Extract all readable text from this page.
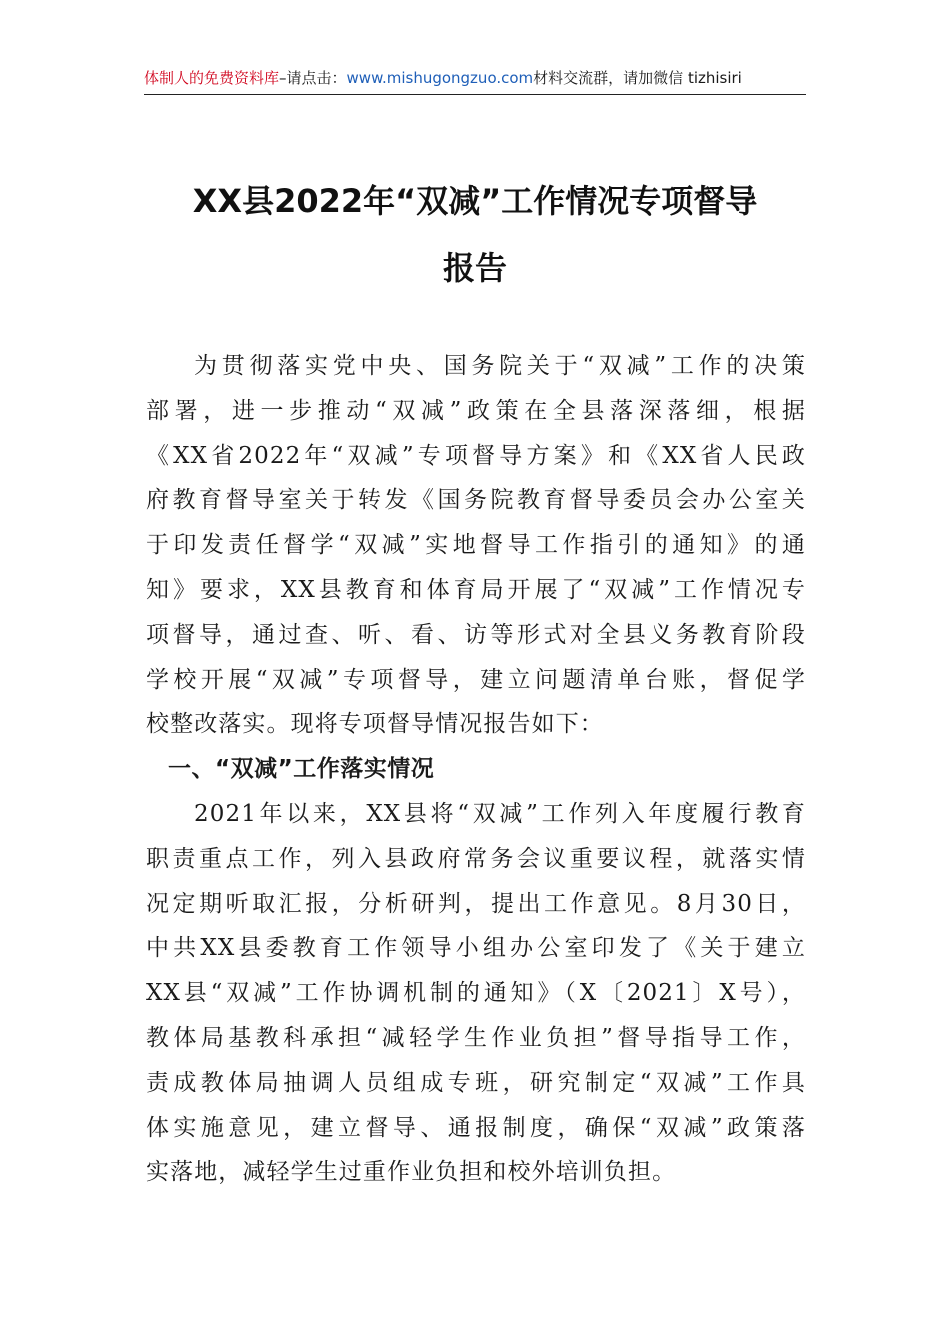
体制人的免费资料库–请点击：www.mishugongzuo.com材料交流群，请加微信 tizhisiri
XX县2022年“双减”工作情况专项督导
报告
为贯彻落实党中央、国务院关于“双减”工作的决策
部署，进一步推动“双减”政策在全县落深落细，根据
《XX省2022年“双减”专项督导方案》和《XX省人民政
府教育督导室关于转发《国务院教育督导委员会办公室关
于印发责任督学“双减”实地督导工作指引的通知》的通
知》要求，XX县教育和体育局开展了“双减”工作情况专
项督导，通过查、听、看、访等形式对全县义务教育阶段
学校开展“双减”专项督导，建立问题清单台账，督促学
校整改落实。现将专项督导情况报告如下：
一、“双减”工作落实情况
2021年以来，XX县将“双减”工作列入年度履行教育
职责重点工作，列入县政府常务会议重要议程，就落实情
况定期听取汇报，分析研判，提出工作意见。8月30日，
中共XX县委教育工作领导小组办公室印发了《关于建立
XX县“双减”工作协调机制的通知》（X〔2021〕X号），
教体局基教科承担“减轻学生作业负担”督导指导工作，
责成教体局抽调人员组成专班，研究制定“双减”工作具
体实施意见，建立督导、通报制度，确保“双减”政策落
实落地，减轻学生过重作业负担和校外培训负担。
